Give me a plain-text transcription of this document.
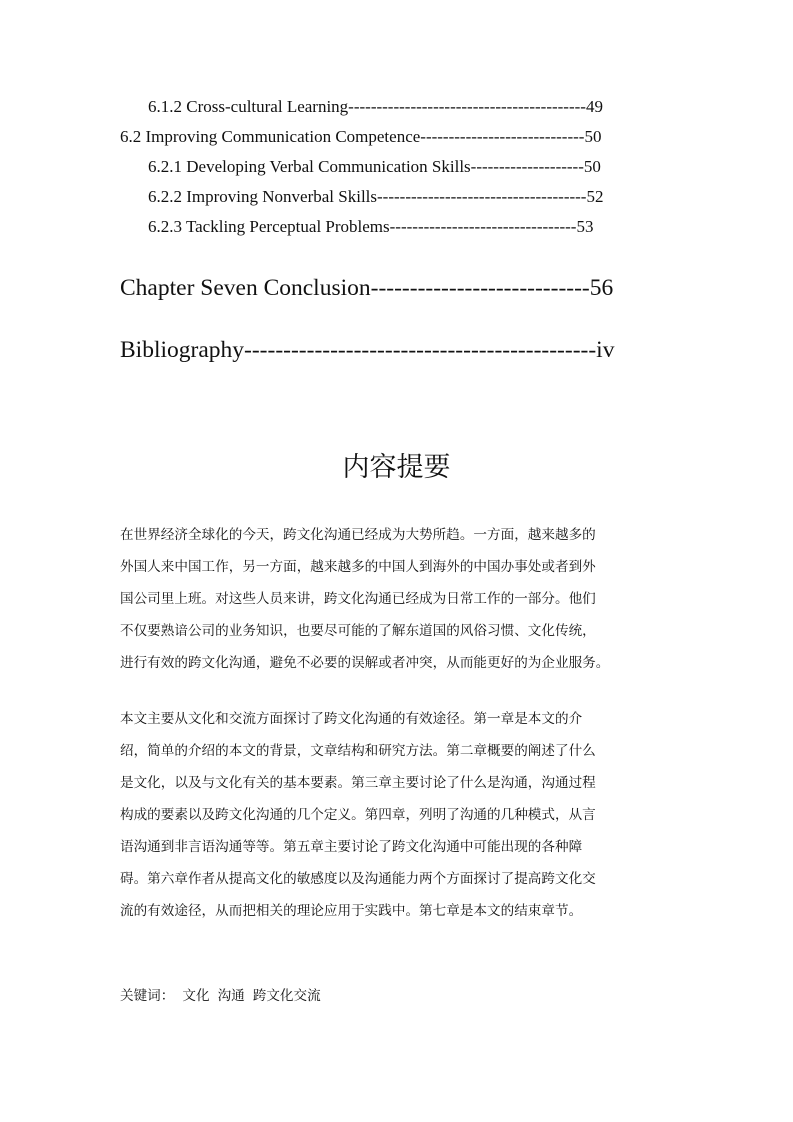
6.1.2 Cross-cultural Learning------------------------------------------49
6.2 Improving Communication Competence-----------------------------50
6.2.1 Developing Verbal Communication Skills--------------------50
6.2.2 Improving Nonverbal Skills-------------------------------------52
6.2.3 Tackling Perceptual Problems---------------------------------53
Chapter Seven Conclusion----------------------------56
Bibliography---------------------------------------------iv
内容提要
在世界经济全球化的今天，跨文化沟通已经成为大势所趋。一方面，越来越多的
外国人来中国工作，另一方面，越来越多的中国人到海外的中国办事处或者到外
国公司里上班。对这些人员来讲，跨文化沟通已经成为日常工作的一部分。他们
不仅要熟谙公司的业务知识，也要尽可能的了解东道国的风俗习惯、文化传统，
进行有效的跨文化沟通，避免不必要的误解或者冲突，从而能更好的为企业服务。
本文主要从文化和交流方面探讨了跨文化沟通的有效途径。第一章是本文的介
绍，简单的介绍的本文的背景，文章结构和研究方法。第二章概要的阐述了什么
是文化，以及与文化有关的基本要素。第三章主要讨论了什么是沟通，沟通过程
构成的要素以及跨文化沟通的几个定义。第四章，列明了沟通的几种模式，从言
语沟通到非言语沟通等等。第五章主要讨论了跨文化沟通中可能出现的各种障
碍。第六章作者从提高文化的敏感度以及沟通能力两个方面探讨了提高跨文化交
流的有效途径，从而把相关的理论应用于实践中。第七章是本文的结束章节。
关键词： 文化 沟通 跨文化交流
